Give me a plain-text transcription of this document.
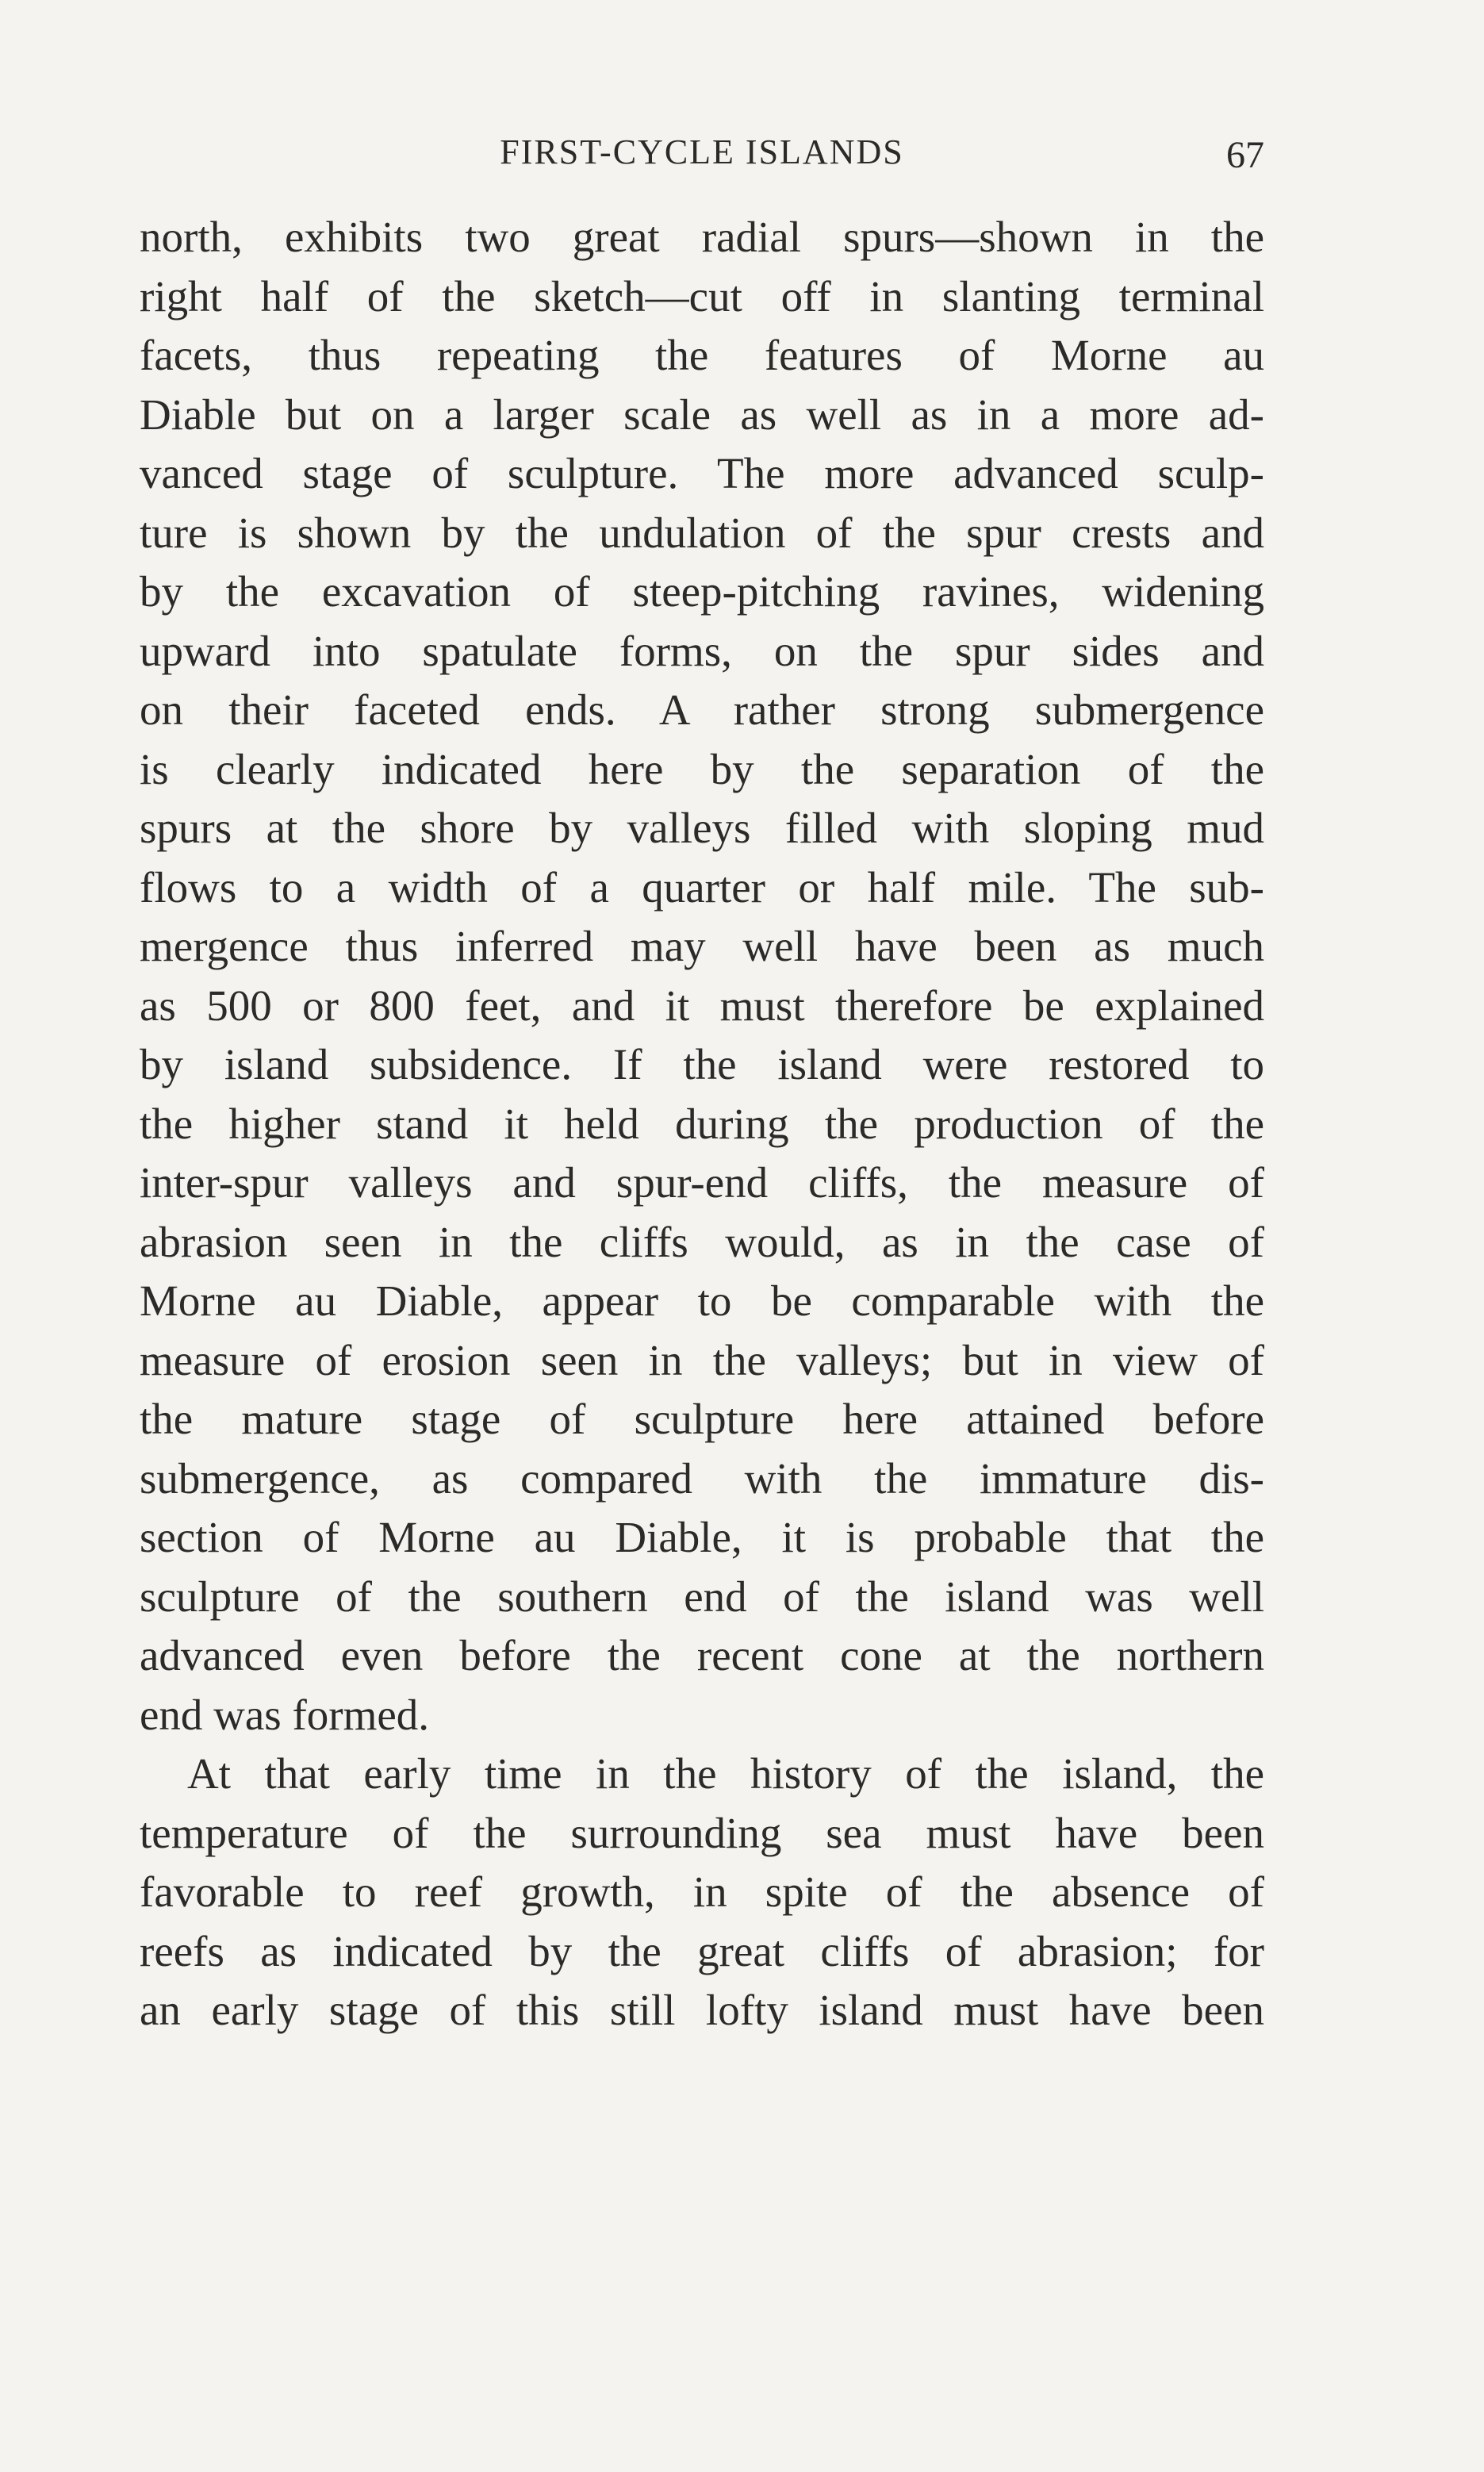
FIRST-CYCLE ISLANDS	67
north, exhibits two great radial spurs—shown in the
right half of the sketch—cut off in slanting terminal
facets, thus repeating the features of Morne au
Diable but on a larger scale as well as in a more ad-
vanced stage of sculpture. The more advanced sculp-
ture is shown by the undulation of the spur crests and
by the excavation of steep-pitching ravines, widening
upward into spatulate forms, on the spur sides and
on their faceted ends. A rather strong submergence
is clearly indicated here by the separation of the
spurs at the shore by valleys filled with sloping mud
flows to a width of a quarter or half mile. The sub-
mergence thus inferred may well have been as much
as 500 or 800 feet, and it must therefore be explained
by island subsidence. If the island were restored to
the higher stand it held during the production of the
inter-spur valleys and spur-end cliffs, the measure of
abrasion seen in the cliffs would, as in the case of
Morne au Diable, appear to be comparable with the
measure of erosion seen in the valleys; but in view of
the mature stage of sculpture here attained before
submergence, as compared with the immature dis-
section of Morne au Diable, it is probable that the
sculpture of the southern end of the island was well
advanced even before the recent cone at the northern
end was formed.
At that early time in the history of the island, the
temperature of the surrounding sea must have been
favorable to reef growth, in spite of the absence of
reefs as indicated by the great cliffs of abrasion; for
an early stage of this still lofty island must have been
